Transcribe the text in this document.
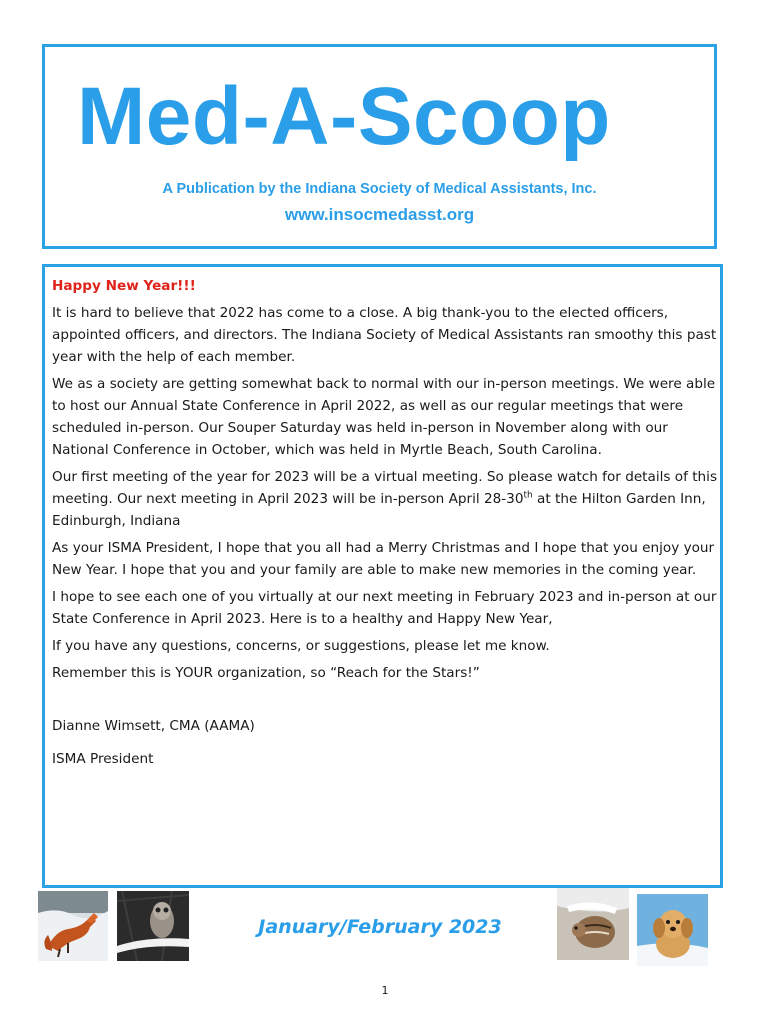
Med-A-Scoop
A Publication by the Indiana Society of Medical Assistants, Inc.
www.insocmedasst.org

Happy New Year!!!

It is hard to believe that 2022 has come to a close. A big thank-you to the elected officers, appointed officers, and directors. The Indiana Society of Medical Assistants ran smoothy this past year with the help of each member.

We as a society are getting somewhat back to normal with our in-person meetings. We were able to host our Annual State Conference in April 2022, as well as our regular meetings that were scheduled in-person. Our Souper Saturday was held in-person in November along with our National Conference in October, which was held in Myrtle Beach, South Carolina.

Our first meeting of the year for 2023 will be a virtual meeting. So please watch for details of this meeting. Our next meeting in April 2023 will be in-person April 28-30th at the Hilton Garden Inn, Edinburgh, Indiana

As your ISMA President, I hope that you all had a Merry Christmas and I hope that you enjoy your New Year. I hope that you and your family are able to make new memories in the coming year.

I hope to see each one of you virtually at our next meeting in February 2023 and in-person at our State Conference in April 2023. Here is to a healthy and Happy New Year,

If you have any questions, concerns, or suggestions, please let me know.

Remember this is YOUR organization, so “Reach for the Stars!”

Dianne Wimsett, CMA (AAMA)

ISMA President

January/February 2023
1
